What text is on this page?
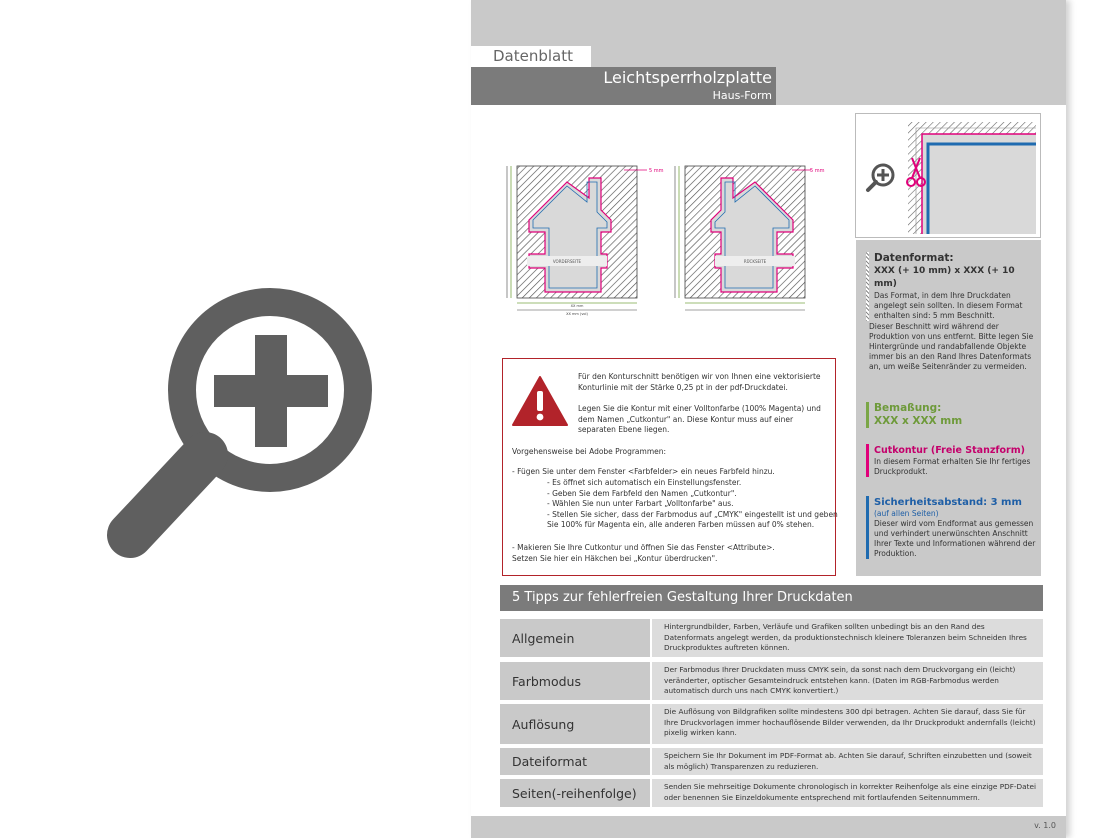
Datenblatt
Leichtsperrholzplatte
Haus-Form
VORDERSEITE
5 mm
XX mm
XX mm (vol)
RÜCKSEITE
5 mm
Datenformat:
XXX (+ 10 mm) x XXX (+ 10 mm)
Das Format, in dem Ihre Druckdaten angelegt sein sollten. In diesem Format enthalten sind: 5 mm Beschnitt.
Dieser Beschnitt wird während der Produktion von uns entfernt. Bitte legen Sie Hintergründe und randabfallende Objekte immer bis an den Rand Ihres Datenformats an, um weiße Seitenränder zu vermeiden.
Bemaßung:
XXX x XXX mm
Cutkontur (Freie Stanzform)
In diesem Format erhalten Sie Ihr fertiges Druckprodukt.
Sicherheitsabstand: 3 mm
(auf allen Seiten)
Dieser wird vom Endformat aus gemessen und verhindert unerwünschten Anschnitt Ihrer Texte und Informationen während der Produktion.
Für den Konturschnitt benötigen wir von Ihnen eine vektorisierte Konturlinie mit der Stärke 0,25 pt in der pdf-Druckdatei.
Legen Sie die Kontur mit einer Volltonfarbe (100% Magenta) und dem Namen „Cutkontur" an. Diese Kontur muss auf einer separaten Ebene liegen.
Vorgehensweise bei Adobe Programmen:
- Fügen Sie unter dem Fenster <Farbfelder> ein neues Farbfeld hinzu.
- Es öffnet sich automatisch ein Einstellungsfenster.
- Geben Sie dem Farbfeld den Namen „Cutkontur".
- Wählen Sie nun unter Farbart „Volltonfarbe" aus.
- Stellen Sie sicher, dass der Farbmodus auf „CMYK" eingestellt ist und geben
Sie 100% für Magenta ein, alle anderen Farben müssen auf 0% stehen.
- Makieren Sie Ihre Cutkontur und öffnen Sie das Fenster <Attribute>.
Setzen Sie hier ein Häkchen bei „Kontur überdrucken".
5 Tipps zur fehlerfreien Gestaltung Ihrer Druckdaten
Allgemein
Hintergrundbilder, Farben, Verläufe und Grafiken sollten unbedingt bis an den Rand des Datenformats angelegt werden, da produktionstechnisch kleinere Toleranzen beim Schneiden Ihres Druckproduktes auftreten können.
Farbmodus
Der Farbmodus Ihrer Druckdaten muss CMYK sein, da sonst nach dem Druckvorgang ein (leicht) veränderter, optischer Gesamteindruck entstehen kann. (Daten im RGB-Farbmodus werden automatisch durch uns nach CMYK konvertiert.)
Auflösung
Die Auflösung von Bildgrafiken sollte mindestens 300 dpi betragen. Achten Sie darauf, dass Sie für Ihre Druckvorlagen immer hochauflösende Bilder verwenden, da Ihr Druckprodukt andernfalls (leicht) pixelig wirken kann.
Dateiformat	Speichern Sie Ihr Dokument im PDF-Format ab. Achten Sie darauf, Schriften einzubetten und (soweit als möglich) Transparenzen zu reduzieren.
Seiten(-reihenfolge)	Senden Sie mehrseitige Dokumente chronologisch in korrekter Reihenfolge als eine einzige PDF-Datei oder benennen Sie Einzeldokumente entsprechend mit fortlaufenden Seitennummern.
v. 1.0
